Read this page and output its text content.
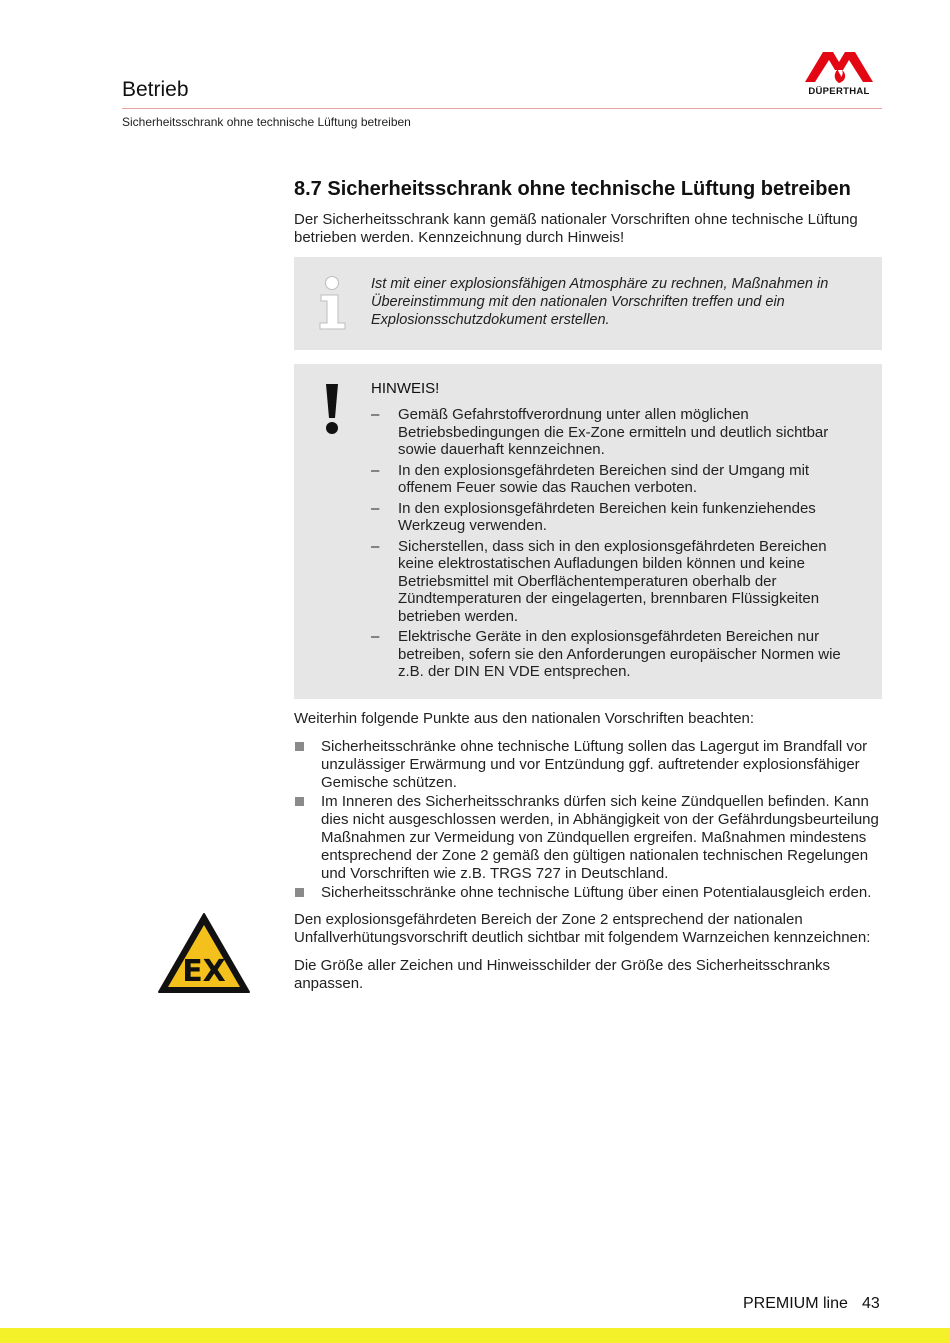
Betrieb
Sicherheitsschrank ohne technische Lüftung betreiben
DÜPERTHAL
8.7 Sicherheitsschrank ohne technische Lüftung betreiben
Der Sicherheitsschrank kann gemäß nationaler Vorschriften ohne technische Lüftung betrieben werden. Kennzeichnung durch Hinweis!
Ist mit einer explosionsfähigen Atmosphäre zu rechnen, Maßnahmen in Übereinstimmung mit den nationalen Vorschriften treffen und ein Explosionsschutzdokument erstellen.
HINWEIS!
– Gemäß Gefahrstoffverordnung unter allen möglichen Betriebsbedingungen die Ex-Zone ermitteln und deutlich sichtbar sowie dauerhaft kennzeichnen.
– In den explosionsgefährdeten Bereichen sind der Umgang mit offenem Feuer sowie das Rauchen verboten.
– In den explosionsgefährdeten Bereichen kein funkenziehendes Werkzeug verwenden.
– Sicherstellen, dass sich in den explosionsgefährdeten Bereichen keine elektrostatischen Aufladungen bilden können und keine Betriebsmittel mit Oberflächentemperaturen oberhalb der Zündtemperaturen der eingelagerten, brennbaren Flüssigkeiten betrieben werden.
– Elektrische Geräte in den explosionsgefährdeten Bereichen nur betreiben, sofern sie den Anforderungen europäischer Normen wie z.B. der DIN EN VDE entsprechen.
Weiterhin folgende Punkte aus den nationalen Vorschriften beachten:
Sicherheitsschränke ohne technische Lüftung sollen das Lagergut im Brandfall vor unzulässiger Erwärmung und vor Entzündung ggf. auftretender explosionsfähiger Gemische schützen.
Im Inneren des Sicherheitsschranks dürfen sich keine Zündquellen befinden. Kann dies nicht ausgeschlossen werden, in Abhängigkeit von der Gefährdungsbeurteilung Maßnahmen zur Vermeidung von Zündquellen ergreifen. Maßnahmen mindestens entsprechend der Zone 2 gemäß den gültigen nationalen technischen Regelungen und Vorschriften wie z.B. TRGS 727 in Deutschland.
Sicherheitsschränke ohne technische Lüftung über einen Potentialausgleich erden.
EX
Den explosionsgefährdeten Bereich der Zone 2 entsprechend der nationalen Unfallverhütungsvorschrift deutlich sichtbar mit folgendem Warnzeichen kennzeichnen:
Die Größe aller Zeichen und Hinweisschilder der Größe des Sicherheitsschranks anpassen.
PREMIUM line 43
